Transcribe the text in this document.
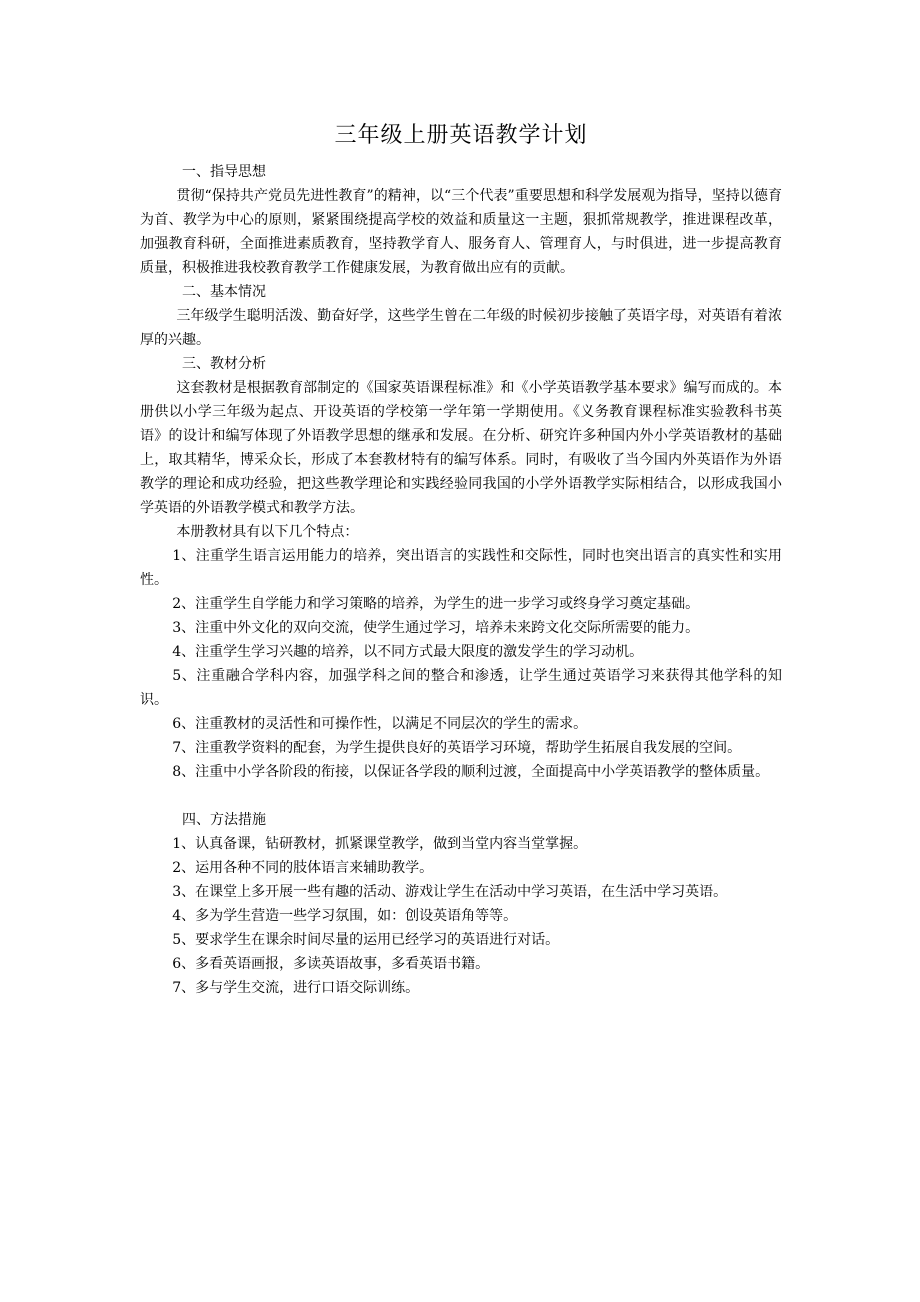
三年级上册英语教学计划

一、指导思想

贯彻“保持共产党员先进性教育”的精神，以“三个代表”重要思想和科学发展观为指导，坚持以德育为首、教学为中心的原则，紧紧围绕提高学校的效益和质量这一主题，狠抓常规教学，推进课程改革，加强教育科研，全面推进素质教育，坚持教学育人、服务育人、管理育人，与时俱进，进一步提高教育质量，积极推进我校教育教学工作健康发展，为教育做出应有的贡献。

二、基本情况

三年级学生聪明活泼、勤奋好学，这些学生曾在二年级的时候初步接触了英语字母，对英语有着浓厚的兴趣。

三、教材分析

这套教材是根据教育部制定的《国家英语课程标准》和《小学英语教学基本要求》编写而成的。本册供以小学三年级为起点、开设英语的学校第一学年第一学期使用。《义务教育课程标准实验教科书英语》的设计和编写体现了外语教学思想的继承和发展。在分析、研究许多种国内外小学英语教材的基础上，取其精华，博采众长，形成了本套教材特有的编写体系。同时，有吸收了当今国内外英语作为外语教学的理论和成功经验，把这些教学理论和实践经验同我国的小学外语教学实际相结合，以形成我国小学英语的外语教学模式和教学方法。

本册教材具有以下几个特点：

1、注重学生语言运用能力的培养，突出语言的实践性和交际性，同时也突出语言的真实性和实用性。

2、注重学生自学能力和学习策略的培养，为学生的进一步学习或终身学习奠定基础。

3、注重中外文化的双向交流，使学生通过学习，培养未来跨文化交际所需要的能力。

4、注重学生学习兴趣的培养，以不同方式最大限度的激发学生的学习动机。

5、注重融合学科内容，加强学科之间的整合和渗透，让学生通过英语学习来获得其他学科的知识。

6、注重教材的灵活性和可操作性，以满足不同层次的学生的需求。

7、注重教学资料的配套，为学生提供良好的英语学习环境，帮助学生拓展自我发展的空间。

8、注重中小学各阶段的衔接，以保证各学段的顺利过渡，全面提高中小学英语教学的整体质量。

四、方法措施

1、认真备课，钻研教材，抓紧课堂教学，做到当堂内容当堂掌握。

2、运用各种不同的肢体语言来辅助教学。

3、在课堂上多开展一些有趣的活动、游戏让学生在活动中学习英语，在生活中学习英语。

4、多为学生营造一些学习氛围，如：创设英语角等等。

5、要求学生在课余时间尽量的运用已经学习的英语进行对话。

6、多看英语画报，多读英语故事，多看英语书籍。

7、多与学生交流，进行口语交际训练。
